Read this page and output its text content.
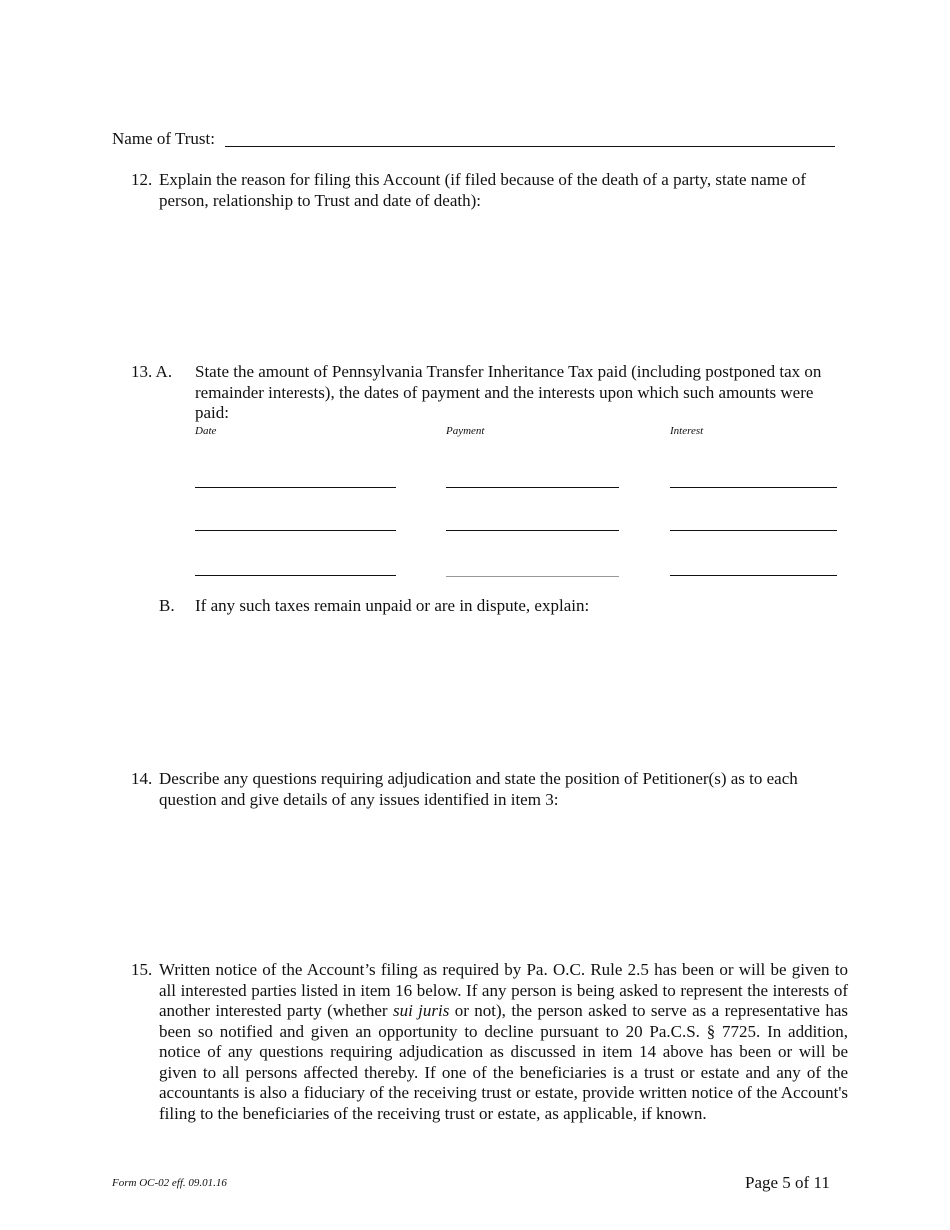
Name of Trust:
12. Explain the reason for filing this Account (if filed because of the death of a party, state name of person, relationship to Trust and date of death):
13. A. State the amount of Pennsylvania Transfer Inheritance Tax paid (including postponed tax on remainder interests), the dates of payment and the interests upon which such amounts were paid:
Date	Payment	Interest
B. If any such taxes remain unpaid or are in dispute, explain:
14. Describe any questions requiring adjudication and state the position of Petitioner(s) as to each question and give details of any issues identified in item 3:
15. Written notice of the Account’s filing as required by Pa. O.C. Rule 2.5 has been or will be given to all interested parties listed in item 16 below. If any person is being asked to represent the interests of another interested party (whether sui juris or not), the person asked to serve as a representative has been so notified and given an opportunity to decline pursuant to 20 Pa.C.S. § 7725. In addition, notice of any questions requiring adjudication as discussed in item 14 above has been or will be given to all persons affected thereby. If one of the beneficiaries is a trust or estate and any of the accountants is also a fiduciary of the receiving trust or estate, provide written notice of the Account's filing to the beneficiaries of the receiving trust or estate, as applicable, if known.
Form OC-02 eff. 09.01.16	Page 5 of 11
